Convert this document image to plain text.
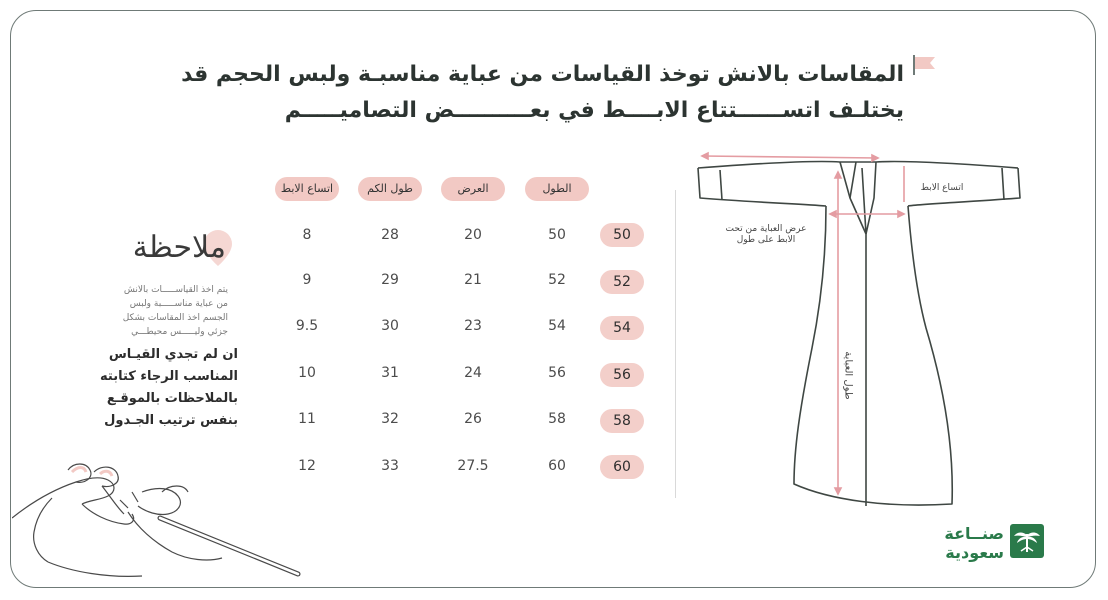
المقاسات بالانش توخذ القياسات من عباية مناسبـة ولبس الحجم قد
يختلـف اتســــــتتاع الابــــط في بعــــــــــض التصاميـــــم
الطول
العرض
طول الكم
اتساع الابط
50
50
20
28
8
52
52
21
29
9
54
54
23
30
9.5
56
56
24
31
10
58
58
26
32
11
60
60
27.5
33
12
ملاحظة
يتم اخذ القياســـــات بالانش
من عباية مناســـــبة ولبس
الجسم اخذ المقاسات بشكل
جزئي وليـــــس محيطـــي
ان لم تجدي القيـاس
المناسب الرجاء كتابته
بالملاحظات بالموقـع
بنفس ترتيب الجـدول
اتساع الابط
عرض العباية من تحت
الابط على طول
طول العباية
صنــاعة
سعودية
